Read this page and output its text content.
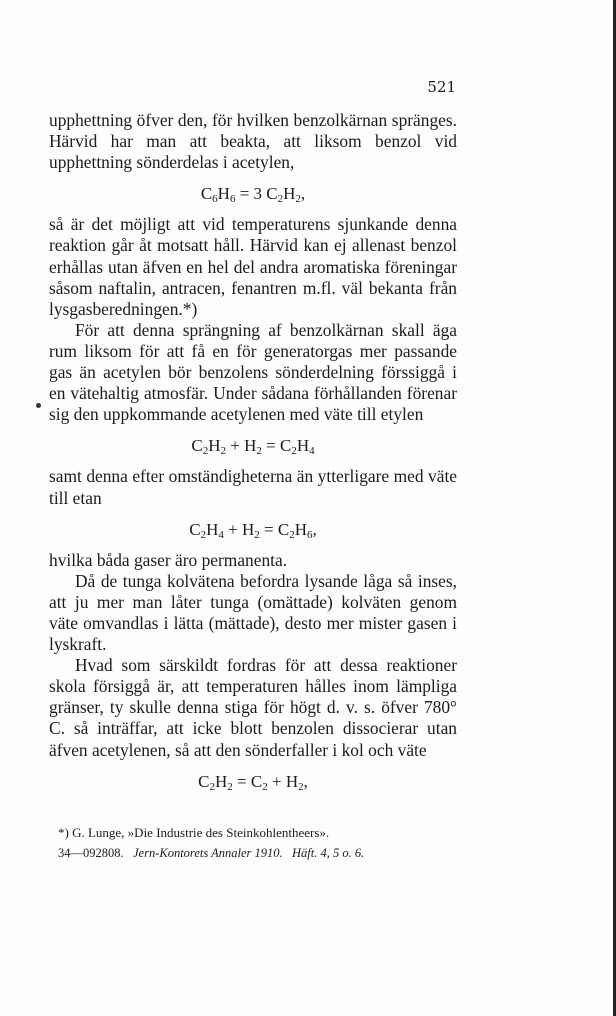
521

upphettning öfver den, för hvilken benzolkärnan spränges. Härvid har man att beakta, att liksom benzol vid upphettning sönderdelas i acetylen,

$C_6H_6 = 3$ $C_2H_2$,

så är det möjligt att vid temperaturens sjunkande denna reaktion går åt motsatt håll. Härvid kan ej allenast benzol erhållas utan äfven en hel del andra aromatiska föreningar såsom naftalin, antracen, fenantren m.fl. väl bekanta från lysgasberedningen.*)

För att denna sprängning af benzolkärnan skall äga rum liksom för att få en för generatorgas mer passande gas än acetylen bör benzolens sönderdelning förssiggå i en vätehaltig atmosfär. Under sådana förhållanden förenar sig den uppkommande acetylenen med väte till etylen

$C_2H_2 + H_2 = C_2H_4$

samt denna efter omständigheterna än ytterligare med väte till etan

$C_2H_4 + H_2 = C_2H_6$,

hvilka båda gaser äro permanenta.

Då de tunga kolvätena befordra lysande låga så inses, att ju mer man låter tunga (omättade) kolväten genom väte omvandlas i lätta (mättade), desto mer mister gasen i lyskraft.

Hvad som särskildt fordras för att dessa reaktioner skola försiggå är, att temperaturen hålles inom lämpliga gränser, ty skulle denna stiga för högt d. v. s. öfver 780° C. så inträffar, att icke blott benzolen dissocierar utan äfven acetylenen, så att den sönderfaller i kol och väte

$C_2H_2 = C_2 + H_2$,
*) G. Lunge, »Die Industrie des Steinkohlentheers».
34—092808. Jern-Kontorets Annaler 1910. Häft. 4, 5 o. 6.
